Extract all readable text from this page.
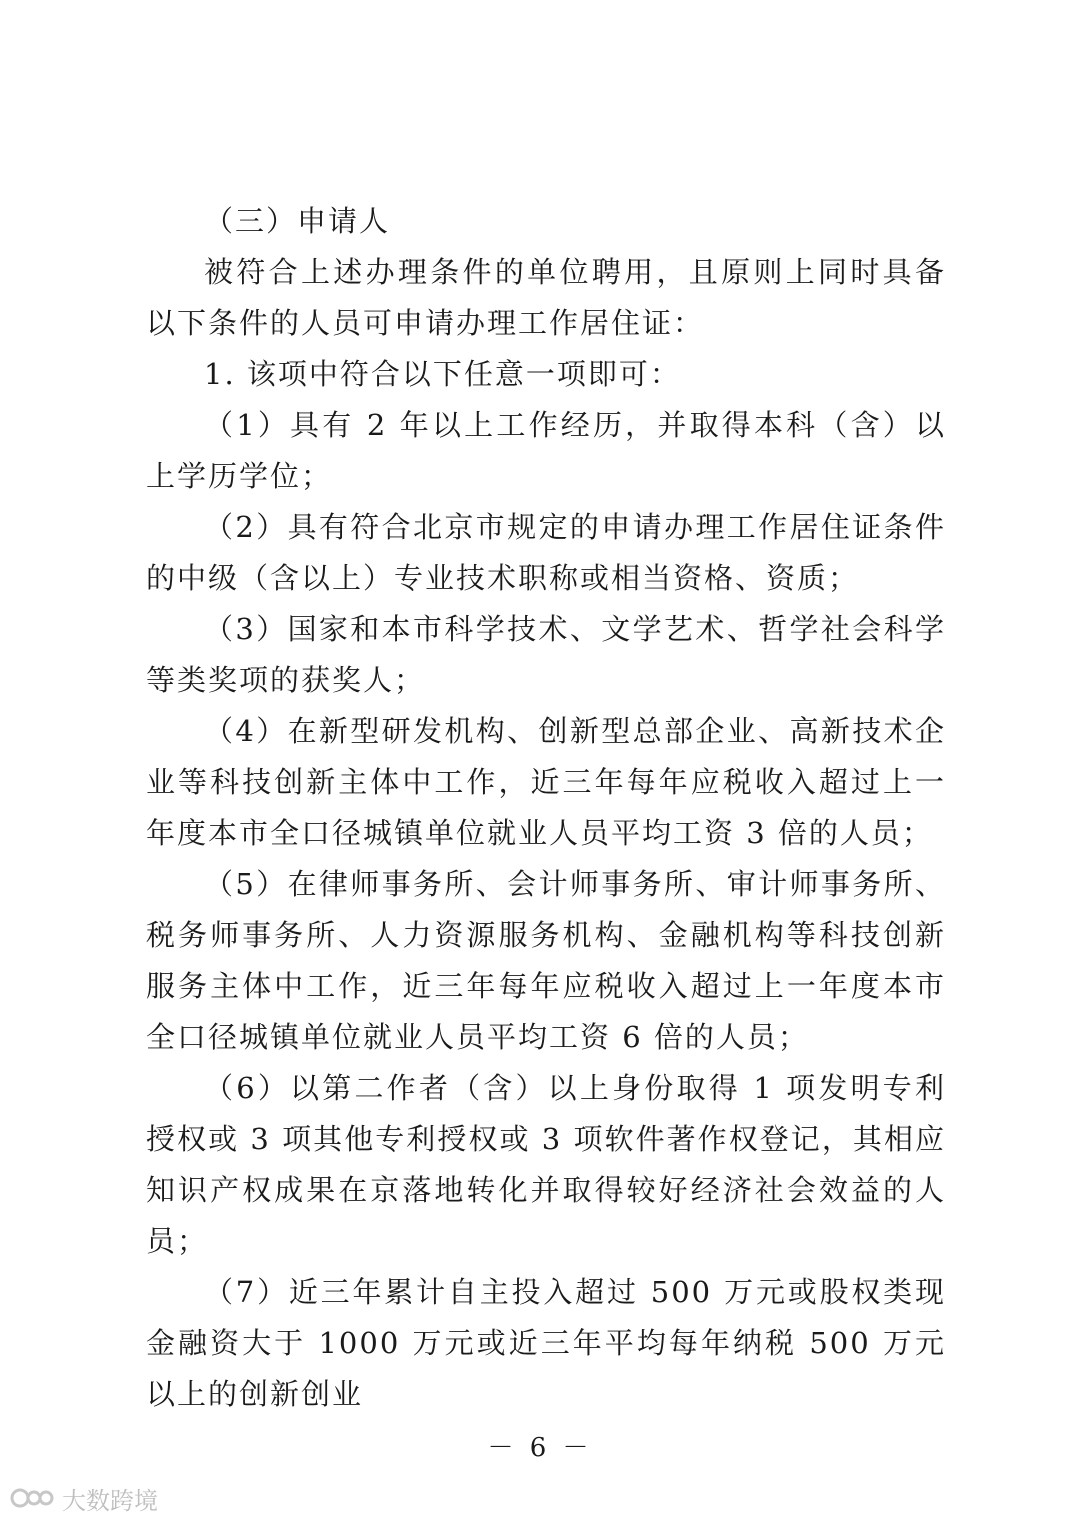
（三）申请人

被符合上述办理条件的单位聘用，且原则上同时具备以下条件的人员可申请办理工作居住证：

1. 该项中符合以下任意一项即可：

（1）具有 2 年以上工作经历，并取得本科（含）以上学历学位；

（2）具有符合北京市规定的申请办理工作居住证条件的中级（含以上）专业技术职称或相当资格、资质；

（3）国家和本市科学技术、文学艺术、哲学社会科学等类奖项的获奖人；

（4）在新型研发机构、创新型总部企业、高新技术企业等科技创新主体中工作，近三年每年应税收入超过上一年度本市全口径城镇单位就业人员平均工资 3 倍的人员；

（5）在律师事务所、会计师事务所、审计师事务所、税务师事务所、人力资源服务机构、金融机构等科技创新服务主体中工作，近三年每年应税收入超过上一年度本市全口径城镇单位就业人员平均工资 6 倍的人员；

（6）以第二作者（含）以上身份取得 1 项发明专利授权或 3 项其他专利授权或 3 项软件著作权登记，其相应知识产权成果在京落地转化并取得较好经济社会效益的人员；

（7）近三年累计自主投入超过 500 万元或股权类现金融资大于 1000 万元或近三年平均每年纳税 500 万元以上的创新创业

－ 6 －
大数跨境
